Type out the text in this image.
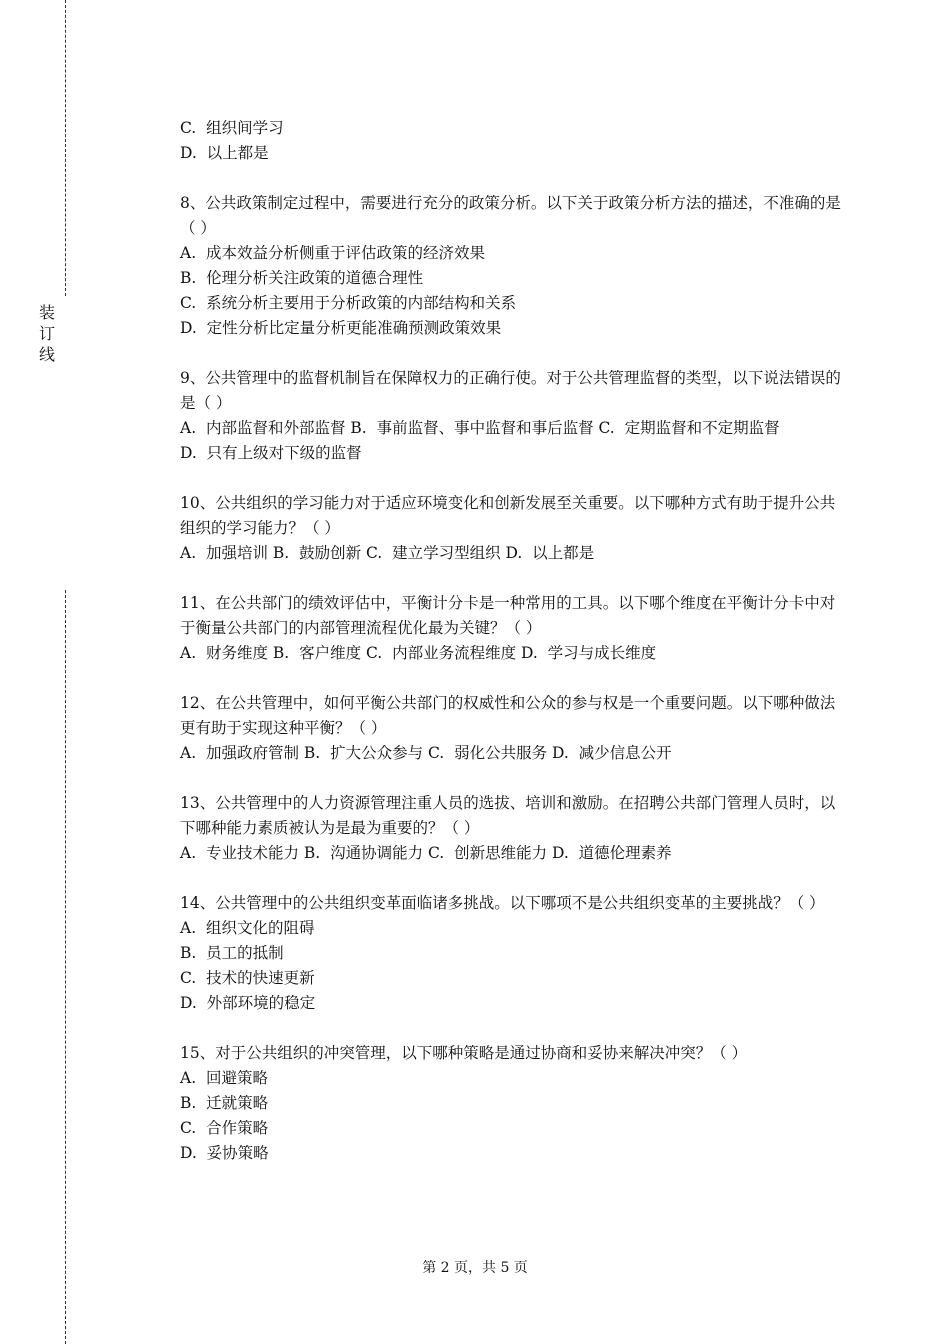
装
订
线

C.  组织间学习

D.  以上都是

8、公共政策制定过程中，需要进行充分的政策分析。以下关于政策分析方法的描述，不准确的是（ ）

A.  成本效益分析侧重于评估政策的经济效果

B.  伦理分析关注政策的道德合理性

C.  系统分析主要用于分析政策的内部结构和关系

D.  定性分析比定量分析更能准确预测政策效果

9、公共管理中的监督机制旨在保障权力的正确行使。对于公共管理监督的类型，以下说法错误的是（ ）

A.  内部监督和外部监督 B.  事前监督、事中监督和事后监督 C.  定期监督和不定期监督

D.  只有上级对下级的监督

10、公共组织的学习能力对于适应环境变化和创新发展至关重要。以下哪种方式有助于提升公共组织的学习能力？（ ）

A.  加强培训 B.  鼓励创新 C.  建立学习型组织 D.  以上都是

11、在公共部门的绩效评估中，平衡计分卡是一种常用的工具。以下哪个维度在平衡计分卡中对于衡量公共部门的内部管理流程优化最为关键？（ ）

A.  财务维度 B.  客户维度 C.  内部业务流程维度 D.  学习与成长维度

12、在公共管理中，如何平衡公共部门的权威性和公众的参与权是一个重要问题。以下哪种做法更有助于实现这种平衡？（ ）

A.  加强政府管制 B.  扩大公众参与 C.  弱化公共服务 D.  减少信息公开

13、公共管理中的人力资源管理注重人员的选拔、培训和激励。在招聘公共部门管理人员时，以下哪种能力素质被认为是最为重要的？（ ）

A.  专业技术能力 B.  沟通协调能力 C.  创新思维能力 D.  道德伦理素养

14、公共管理中的公共组织变革面临诸多挑战。以下哪项不是公共组织变革的主要挑战？（ ）

A.  组织文化的阻碍

B.  员工的抵制

C.  技术的快速更新

D.  外部环境的稳定

15、对于公共组织的冲突管理，以下哪种策略是通过协商和妥协来解决冲突？（ ）

A.  回避策略

B.  迁就策略

C.  合作策略

D.  妥协策略

第 2 页，共 5 页
